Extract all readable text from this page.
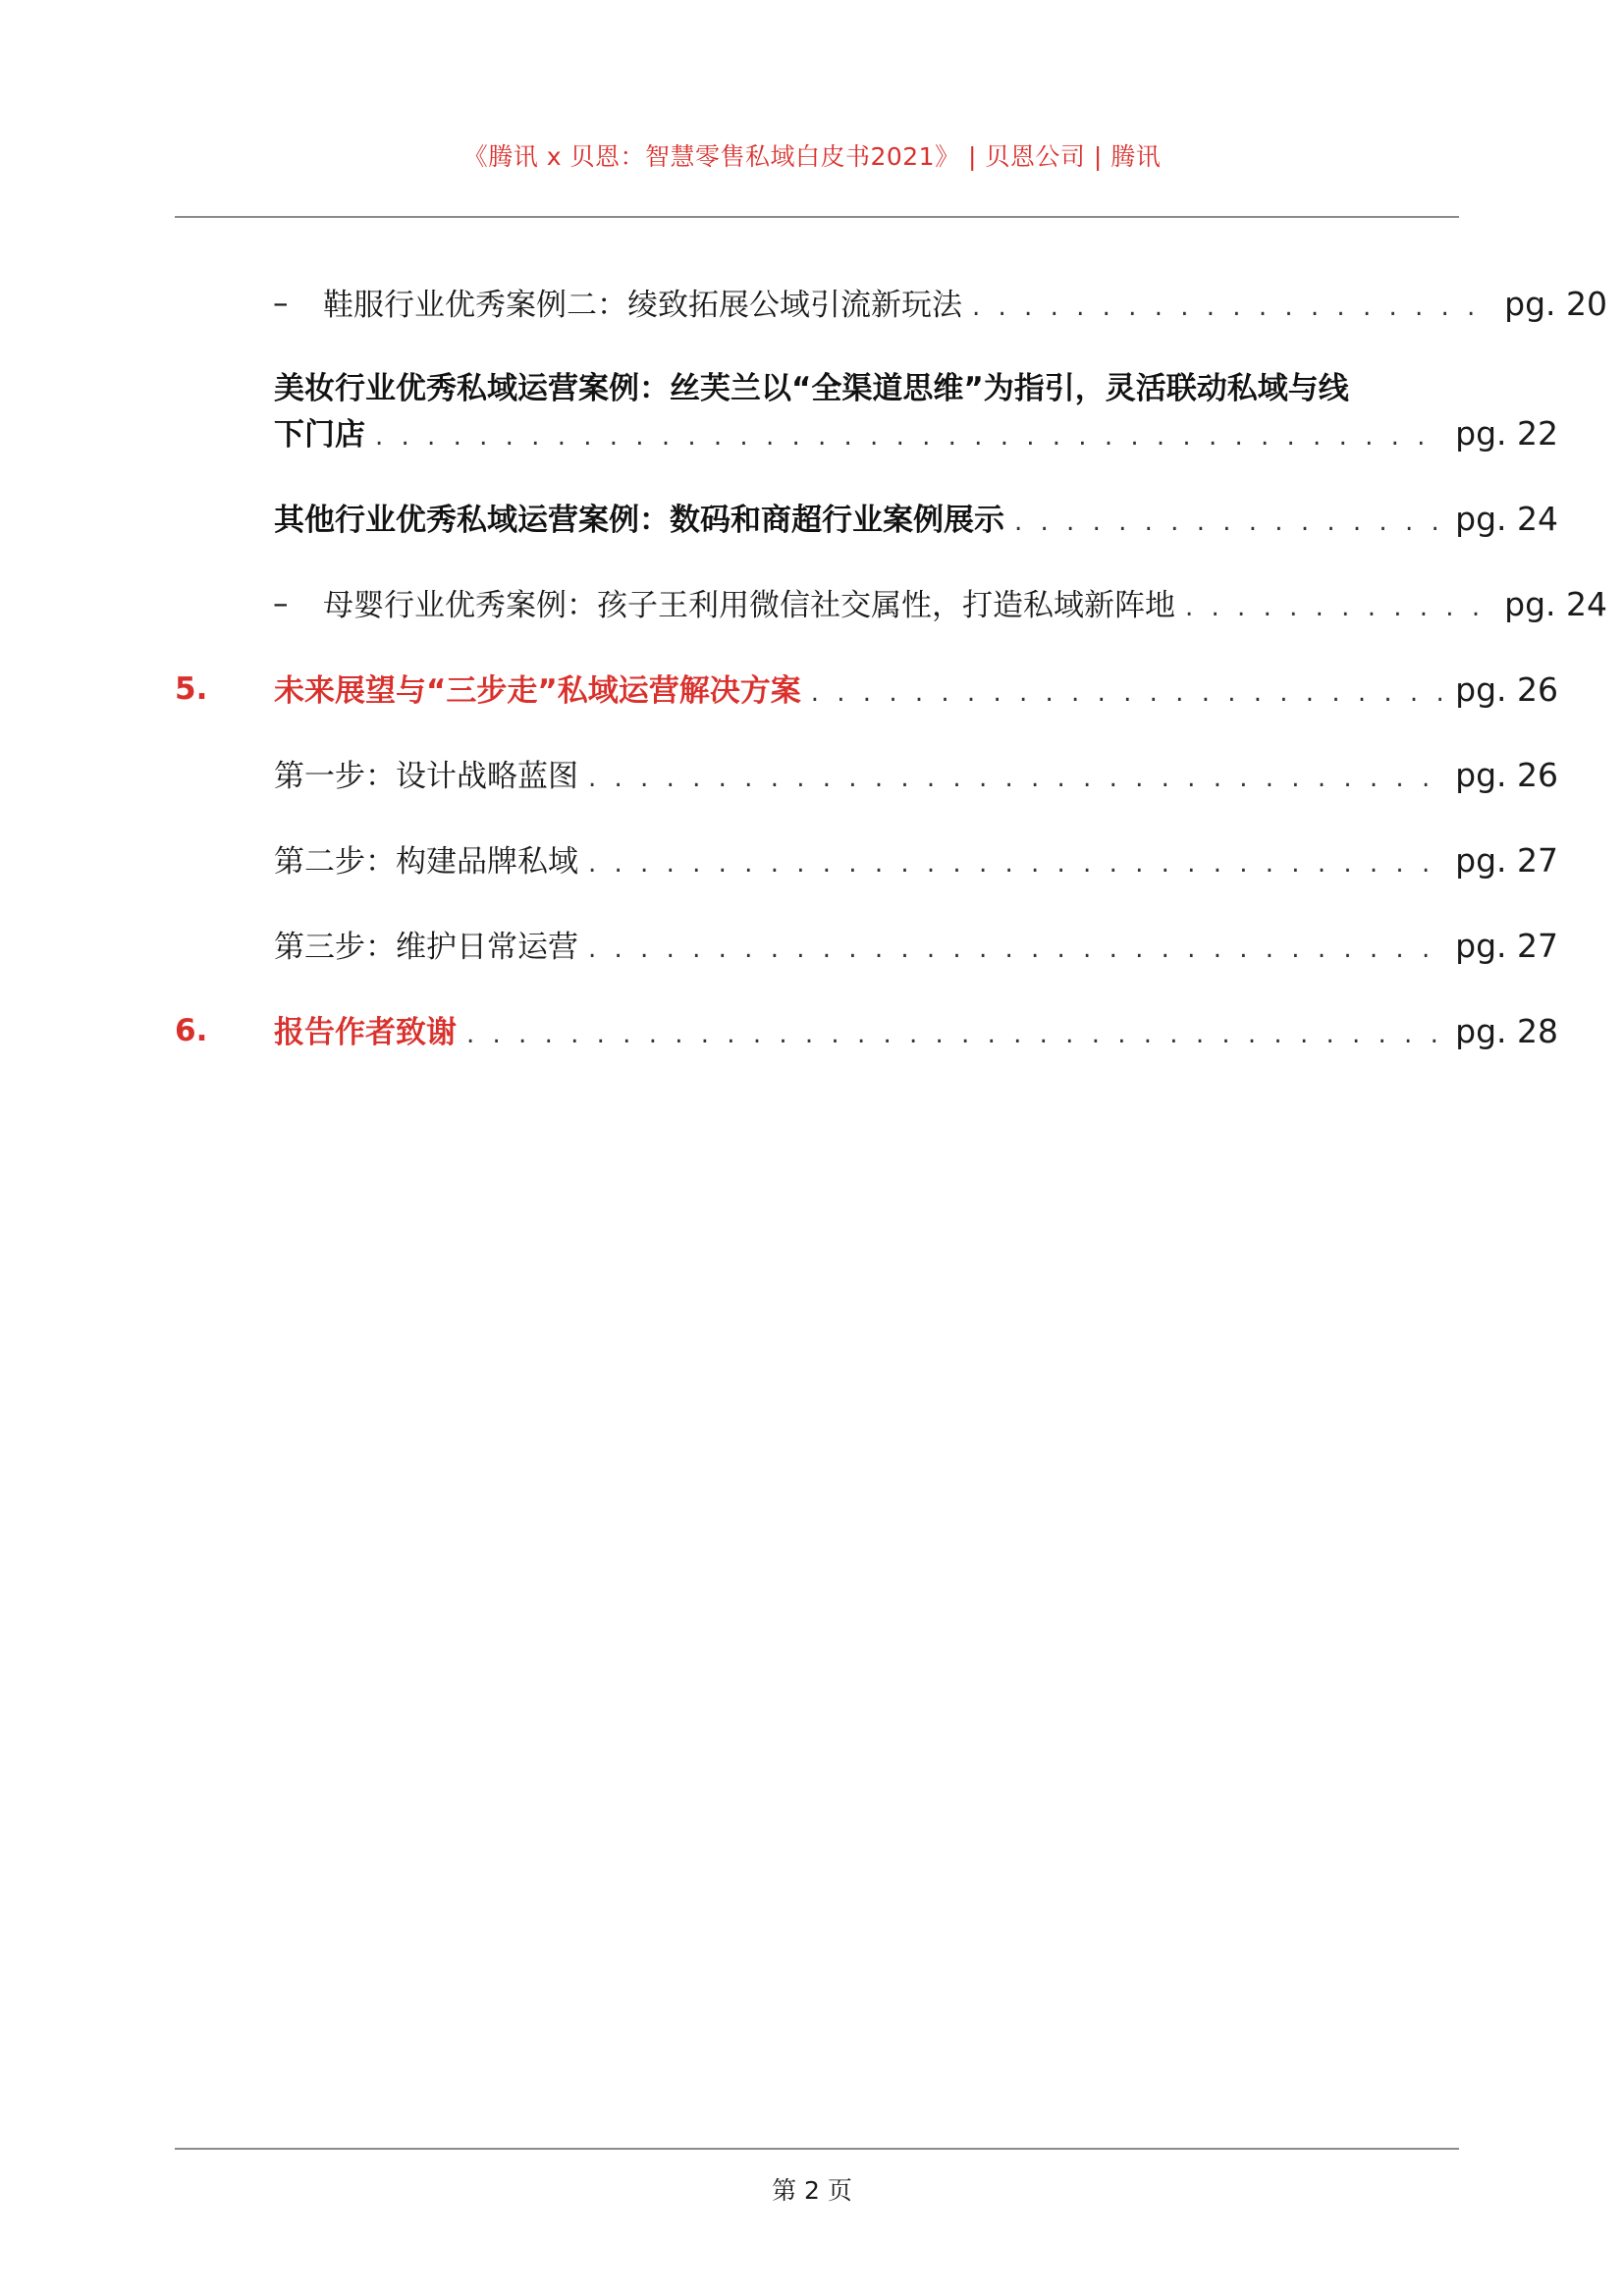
《腾讯 x 贝恩：智慧零售私域白皮书2021》 | 贝恩公司 | 腾讯
–	鞋服行业优秀案例二：绫致拓展公域引流新玩法 . . .	pg. 20
美妆行业优秀私域运营案例：丝芙兰以“全渠道思维”为指引，灵活联动私域与线
下门店 . . .	pg. 22
其他行业优秀私域运营案例：数码和商超行业案例展示 . . .	pg. 24
–	母婴行业优秀案例：孩子王利用微信社交属性，打造私域新阵地 . . .	pg. 24
5.	未来展望与“三步走”私域运营解决方案 . . .	pg. 26
第一步：设计战略蓝图 . . .	pg. 26
第二步：构建品牌私域 . . .	pg. 27
第三步：维护日常运营 . . .	pg. 27
6.	报告作者致谢 . . .	pg. 28
第 2 页
